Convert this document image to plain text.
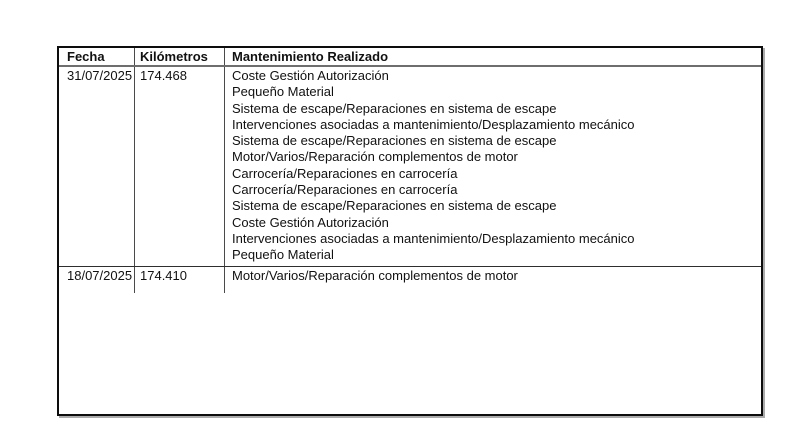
Fecha	Kilómetros	Mantenimiento Realizado
31/07/2025 174.468	Coste Gestión Autorización
Pequeño Material
Sistema de escape/Reparaciones en sistema de escape
Intervenciones asociadas a mantenimiento/Desplazamiento mecánico
Sistema de escape/Reparaciones en sistema de escape
Motor/Varios/Reparación complementos de motor
Carrocería/Reparaciones en carrocería
Carrocería/Reparaciones en carrocería
Sistema de escape/Reparaciones en sistema de escape
Coste Gestión Autorización
Intervenciones asociadas a mantenimiento/Desplazamiento mecánico
Pequeño Material
18/07/2025 174.410	Motor/Varios/Reparación complementos de motor
